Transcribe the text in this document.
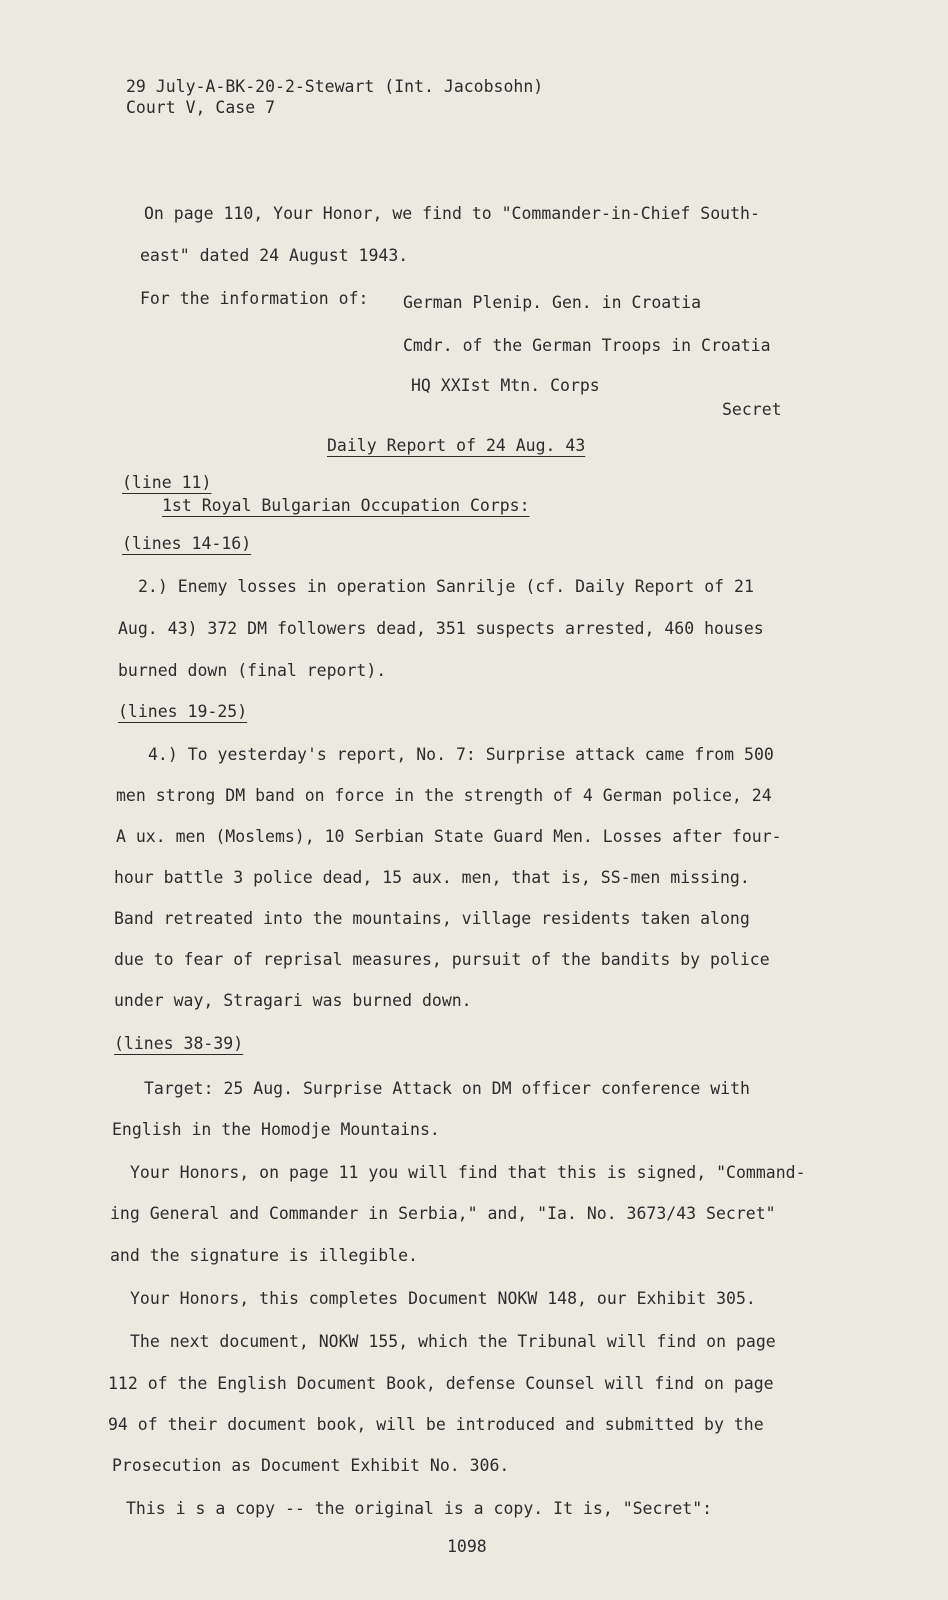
29 July-A-BK-20-2-Stewart (Int. Jacobsohn)
Court V, Case 7
On page 110, Your Honor, we find to "Commander-in-Chief South-
east" dated 24 August 1943.
For the information of: German Plenip. Gen. in Croatia
Cmdr. of the German Troops in Croatia
HQ XXIst Mtn. Corps
Secret
Daily Report of 24 Aug. 43
(line 11)
1st Royal Bulgarian Occupation Corps:
(lines 14-16)
2.) Enemy losses in operation Sanrilje (cf. Daily Report of 21
Aug. 43) 372 DM followers dead, 351 suspects arrested, 460 houses
burned down (final report).
(lines 19-25)
4.) To yesterday's report, No. 7: Surprise attack came from 500
men strong DM band on force in the strength of 4 German police, 24
A ux. men (Moslems), 10 Serbian State Guard Men. Losses after four-
hour battle 3 police dead, 15 aux. men, that is, SS-men missing.
Band retreated into the mountains, village residents taken along
due to fear of reprisal measures, pursuit of the bandits by police
under way, Stragari was burned down.
(lines 38-39)
Target: 25 Aug. Surprise Attack on DM officer conference with
English in the Homodje Mountains.
Your Honors, on page 11 you will find that this is signed, "Command-
ing General and Commander in Serbia," and, "Ia. No. 3673/43 Secret"
and the signature is illegible.
Your Honors, this completes Document NOKW 148, our Exhibit 305.
The next document, NOKW 155, which the Tribunal will find on page
112 of the English Document Book, defense Counsel will find on page
94 of their document book, will be introduced and submitted by the
Prosecution as Document Exhibit No. 306.
This i s a copy -- the original is a copy. It is, "Secret":
1098
